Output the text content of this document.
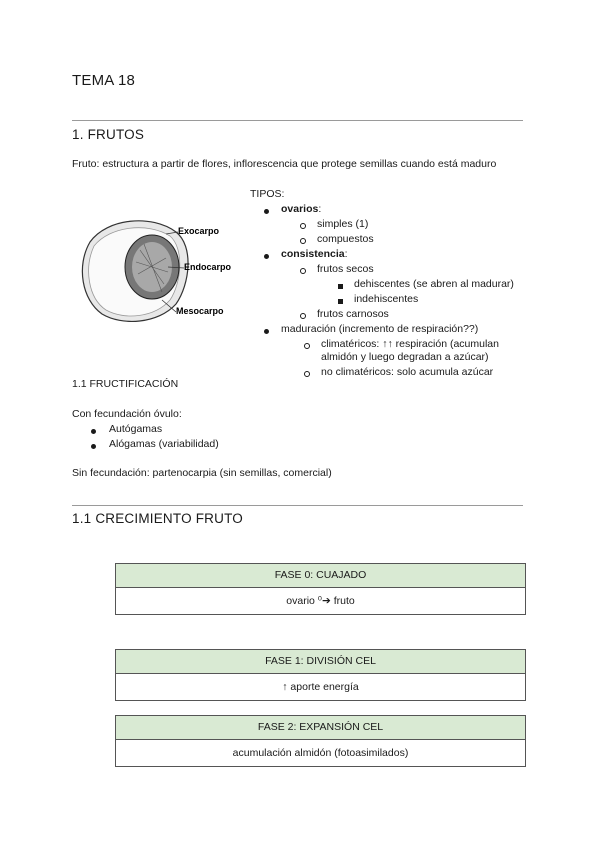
TEMA 18
1. FRUTOS
Fruto: estructura a partir de flores, inflorescencia que protege semillas cuando está maduro
Exocarpo
Endocarpo
Mesocarpo
TIPOS:
ovarios:
simples (1)
compuestos
consistencia:
frutos secos
dehiscentes (se abren al madurar)
indehiscentes
frutos carnosos
maduración (incremento de respiración??)
climatéricos: ↑↑ respiración (acumulan
almidón y luego degradan a azúcar)
no climatéricos: solo acumula azúcar
1.1 FRUCTIFICACIÓN
Con fecundación óvulo:
Autógamas
Alógamas (variabilidad)
Sin fecundación: partenocarpia (sin semillas, comercial)
1.1 CRECIMIENTO FRUTO
FASE 0: CUAJADO
ovario ⁰➔ fruto
FASE 1: DIVISIÓN CEL
↑ aporte energía
FASE 2: EXPANSIÓN CEL
acumulación almidón (fotoasimilados)
